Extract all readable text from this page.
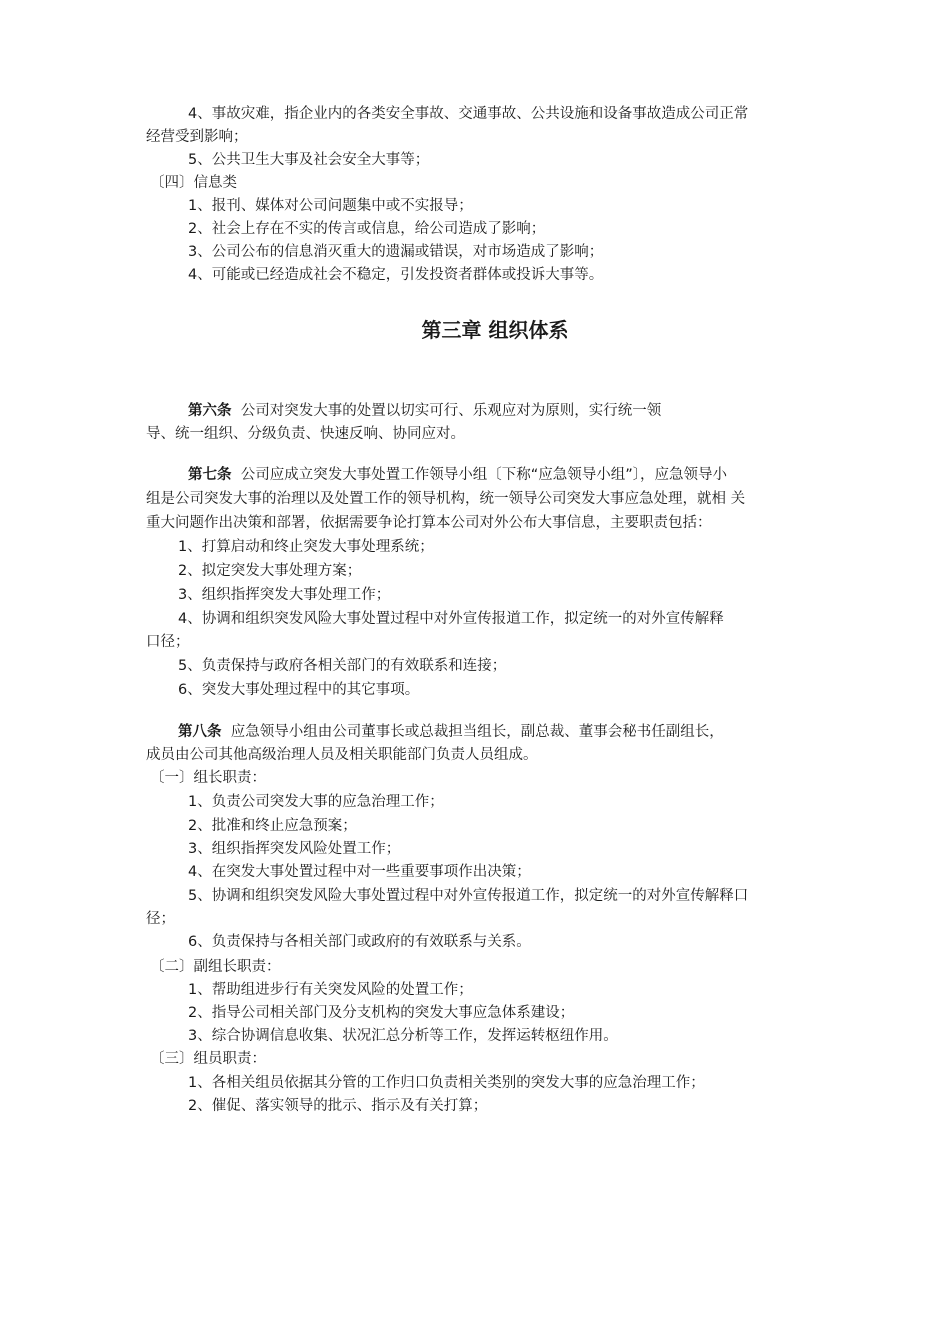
4、事故灾难，指企业内的各类安全事故、交通事故、公共设施和设备事故造成公司正常
经营受到影响；
5、公共卫生大事及社会安全大事等；
〔四〕信息类
1、报刊、媒体对公司问题集中或不实报导；
2、社会上存在不实的传言或信息，给公司造成了影响；
3、公司公布的信息消灭重大的遗漏或错误，对市场造成了影响；
4、可能或已经造成社会不稳定，引发投资者群体或投诉大事等。
第三章 组织体系
第六条 公司对突发大事的处置以切实可行、乐观应对为原则，实行统一领
导、统一组织、分级负责、快速反响、协同应对。
第七条 公司应成立突发大事处置工作领导小组〔下称“应急领导小组”〕，应急领导小
组是公司突发大事的治理以及处置工作的领导机构，统一领导公司突发大事应急处理，就相 关
重大问题作出决策和部署，依据需要争论打算本公司对外公布大事信息，主要职责包括：
1、打算启动和终止突发大事处理系统；
2、拟定突发大事处理方案；
3、组织指挥突发大事处理工作；
4、协调和组织突发风险大事处置过程中对外宣传报道工作，拟定统一的对外宣传解释
口径；
5、负责保持与政府各相关部门的有效联系和连接；
6、突发大事处理过程中的其它事项。
第八条 应急领导小组由公司董事长或总裁担当组长，副总裁、董事会秘书任副组长，
成员由公司其他高级治理人员及相关职能部门负责人员组成。
〔一〕组长职责：
1、负责公司突发大事的应急治理工作；
2、批准和终止应急预案；
3、组织指挥突发风险处置工作；
4、在突发大事处置过程中对一些重要事项作出决策；
5、协调和组织突发风险大事处置过程中对外宣传报道工作，拟定统一的对外宣传解释口
径；
6、负责保持与各相关部门或政府的有效联系与关系。
〔二〕副组长职责：
1、帮助组进步行有关突发风险的处置工作；
2、指导公司相关部门及分支机构的突发大事应急体系建设；
3、综合协调信息收集、状况汇总分析等工作，发挥运转枢纽作用。
〔三〕组员职责：
1、各相关组员依据其分管的工作归口负责相关类别的突发大事的应急治理工作；
2、催促、落实领导的批示、指示及有关打算；
